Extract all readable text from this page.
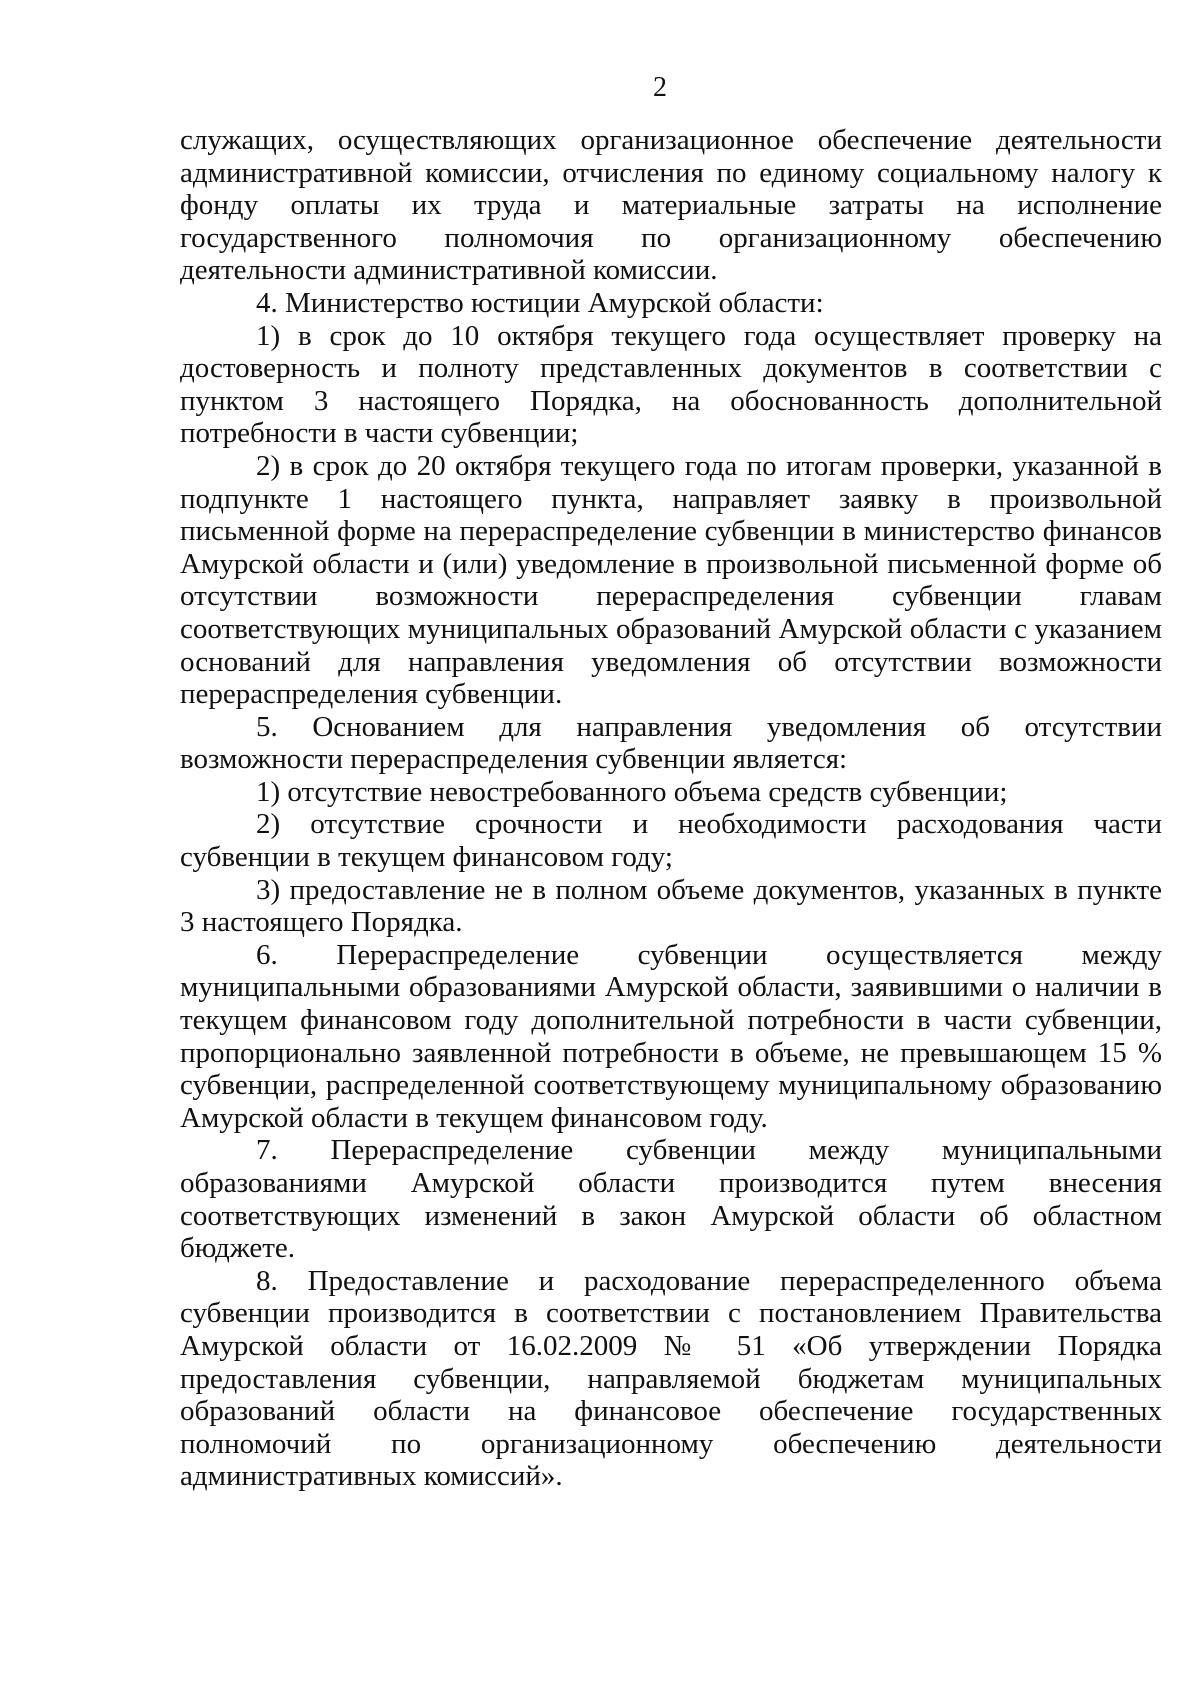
2

служащих, осуществляющих организационное обеспечение деятельности административной комиссии, отчисления по единому социальному налогу к фонду оплаты их труда и материальные затраты на исполнение государственного полномочия по организационному обеспечению деятельности административной комиссии.

4. Министерство юстиции Амурской области:

1) в срок до 10 октября текущего года осуществляет проверку на достоверность и полноту представленных документов в соответствии с пунктом 3 настоящего Порядка, на обоснованность дополнительной потребности в части субвенции;

2) в срок до 20 октября текущего года по итогам проверки, указанной в подпункте 1 настоящего пункта, направляет заявку в произвольной письменной форме на перераспределение субвенции в министерство финансов Амурской области и (или) уведомление в произвольной письменной форме об отсутствии возможности перераспределения субвенции главам соответствующих муниципальных образований Амурской области с указанием оснований для направления уведомления об отсутствии возможности перераспределения субвенции.

5. Основанием для направления уведомления об отсутствии возможности перераспределения субвенции является:

1) отсутствие невостребованного объема средств субвенции;

2) отсутствие срочности и необходимости расходования части субвенции в текущем финансовом году;

3) предоставление не в полном объеме документов, указанных в пункте 3 настоящего Порядка.

6. Перераспределение субвенции осуществляется между муниципальными образованиями Амурской области, заявившими о наличии в текущем финансовом году дополнительной потребности в части субвенции, пропорционально заявленной потребности в объеме, не превышающем 15 % субвенции, распределенной соответствующему муниципальному образованию Амурской области в текущем финансовом году.

7. Перераспределение субвенции между муниципальными образованиями Амурской области производится путем внесения соответствующих изменений в закон Амурской области об областном бюджете.

8. Предоставление и расходование перераспределенного объема субвенции производится в соответствии с постановлением Правительства Амурской области от 16.02.2009 № 51 «Об утверждении Порядка предоставления субвенции, направляемой бюджетам муниципальных образований области на финансовое обеспечение государственных полномочий по организационному обеспечению деятельности административных комиссий».
